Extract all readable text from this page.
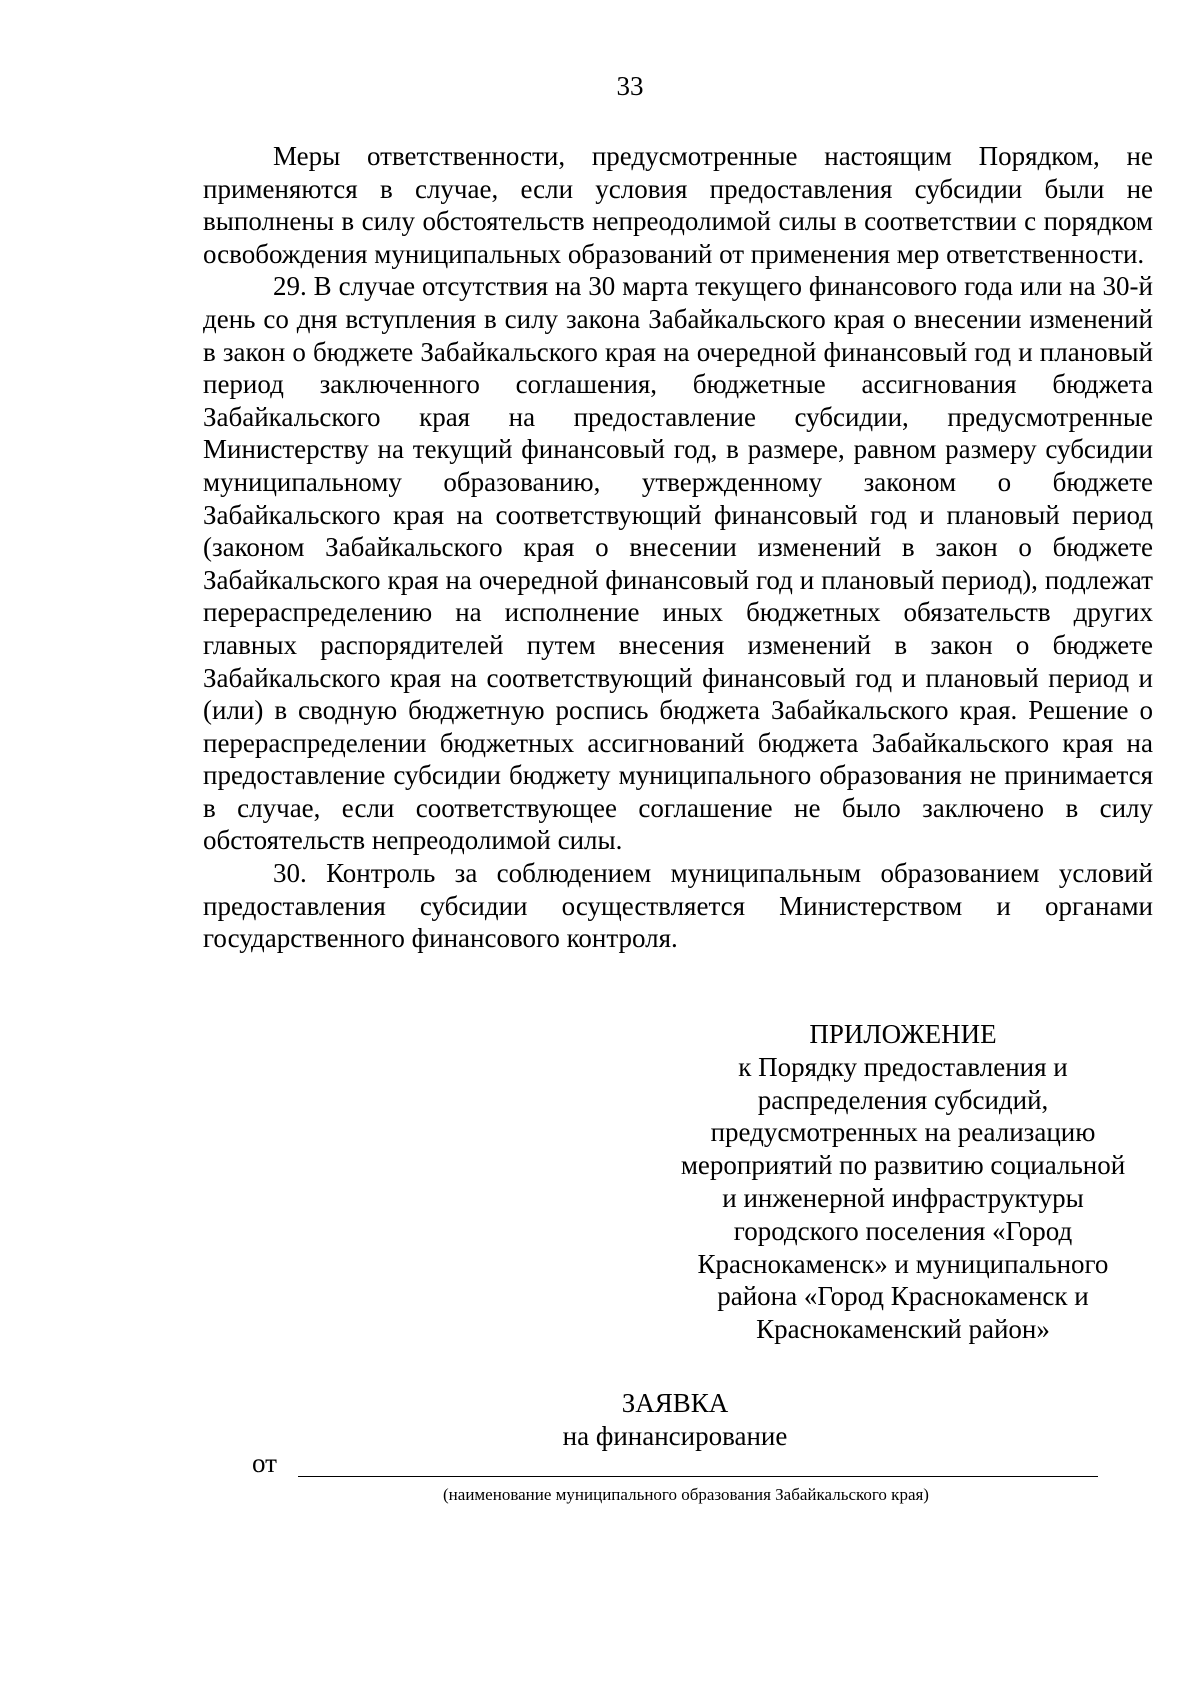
33

Меры ответственности, предусмотренные настоящим Порядком, не применяются в случае, если условия предоставления субсидии были не выполнены в силу обстоятельств непреодолимой силы в соответствии с порядком освобождения муниципальных образований от применения мер ответственности.

29. В случае отсутствия на 30 марта текущего финансового года или на 30-й день со дня вступления в силу закона Забайкальского края о внесении изменений в закон о бюджете Забайкальского края на очередной финансовый год и плановый период заключенного соглашения, бюджетные ассигнования бюджета Забайкальского края на предоставление субсидии, предусмотренные Министерству на текущий финансовый год, в размере, равном размеру субсидии муниципальному образованию, утвержденному законом о бюджете Забайкальского края на соответствующий финансовый год и плановый период (законом Забайкальского края о внесении изменений в закон о бюджете Забайкальского края на очередной финансовый год и плановый период), подлежат перераспределению на исполнение иных бюджетных обязательств других главных распорядителей путем внесения изменений в закон о бюджете Забайкальского края на соответствующий финансовый год и плановый период и (или) в сводную бюджетную роспись бюджета Забайкальского края. Решение о перераспределении бюджетных ассигнований бюджета Забайкальского края на предоставление субсидии бюджету муниципального образования не принимается в случае, если соответствующее соглашение не было заключено в силу обстоятельств непреодолимой силы.

30. Контроль за соблюдением муниципальным образованием условий предоставления субсидии осуществляется Министерством и органами государственного финансового контроля.

ПРИЛОЖЕНИЕ
к Порядку предоставления и
распределения субсидий,
предусмотренных на реализацию
мероприятий по развитию социальной
и инженерной инфраструктуры
городского поселения «Город
Краснокаменск» и муниципального
района «Город Краснокаменск и
Краснокаменский район»
ЗАЯВКА
на финансирование
от
(наименование муниципального образования Забайкальского края)
